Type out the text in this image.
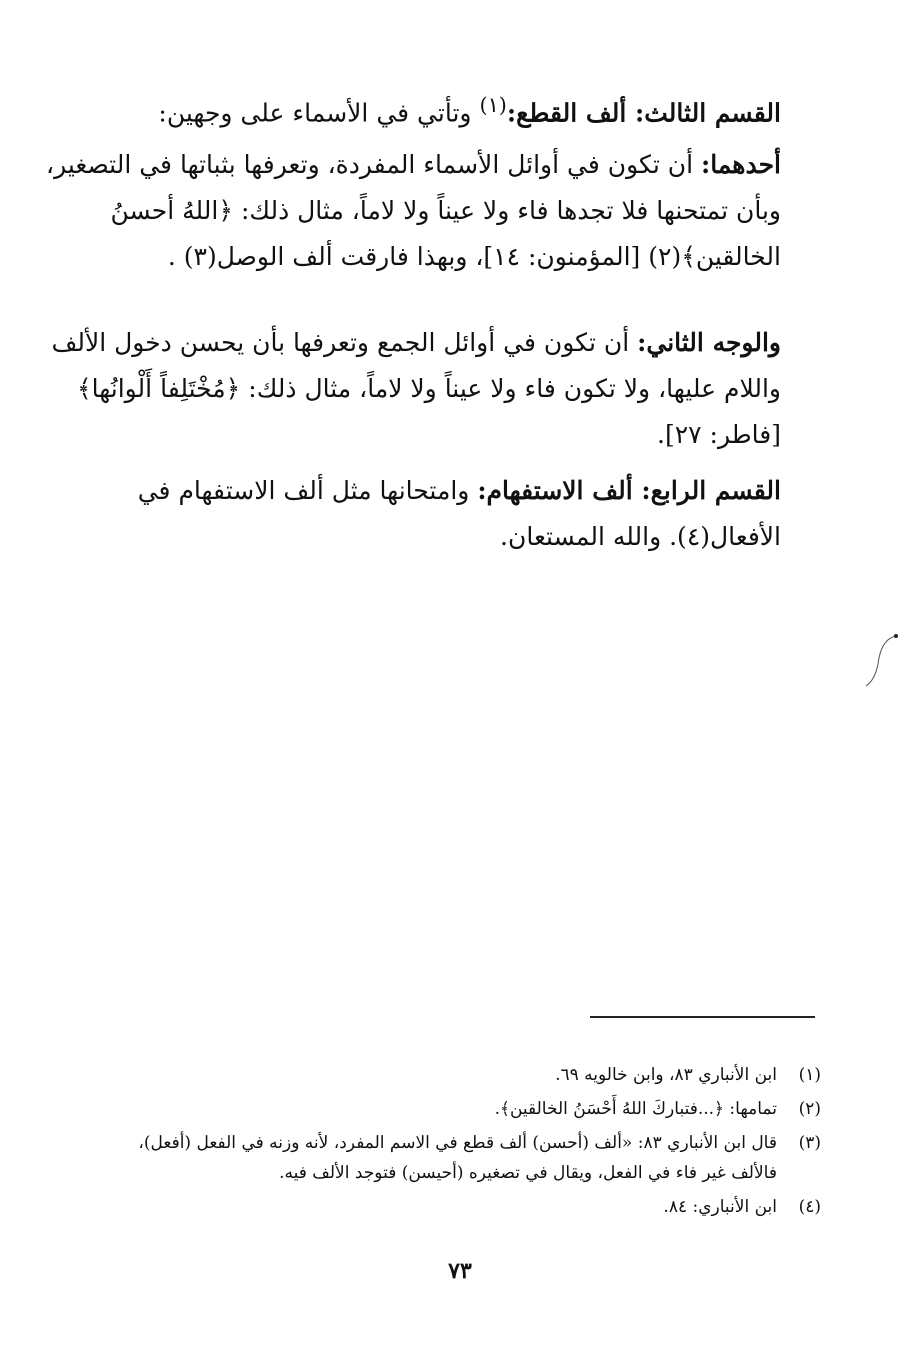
القسم الثالث: ألف القطع:$^{(١)}$ وتأتي في الأسماء على وجهين:
أحدهما: أن تكون في أوائل الأسماء المفردة، وتعرفها بثباتها في التصغير،
وبأن تمتحنها فلا تجدها فاء ولا عيناً ولا لاماً، مثال ذلك: ﴿اللهُ أحسنُ
الخالقين﴾(٢) [المؤمنون: ١٤]، وبهذا فارقت ألف الوصل(٣) .
والوجه الثاني: أن تكون في أوائل الجمع وتعرفها بأن يحسن دخول الألف
واللام عليها، ولا تكون فاء ولا عيناً ولا لاماً، مثال ذلك: ﴿مُخْتَلِفاً أَلْوانُها﴾
[فاطر: ٢٧].
القسم الرابع: ألف الاستفهام: وامتحانها مثل ألف الاستفهام في
الأفعال(٤). والله المستعان.
(١)
ابن الأنباري ٨٣، وابن خالويه ٦٩.
(٢)
تمامها: ﴿...فتباركَ اللهُ أَحْسَنُ الخالقين﴾.
(٣)
قال ابن الأنباري ٨٣: «ألف (أحسن) ألف قطع في الاسم المفرد، لأنه وزنه في الفعل (أفعل)،
فالألف غير فاء في الفعل، ويقال في تصغيره (أحيسن) فتوجد الألف فيه.
(٤)
ابن الأنباري: ٨٤.
٧٣
